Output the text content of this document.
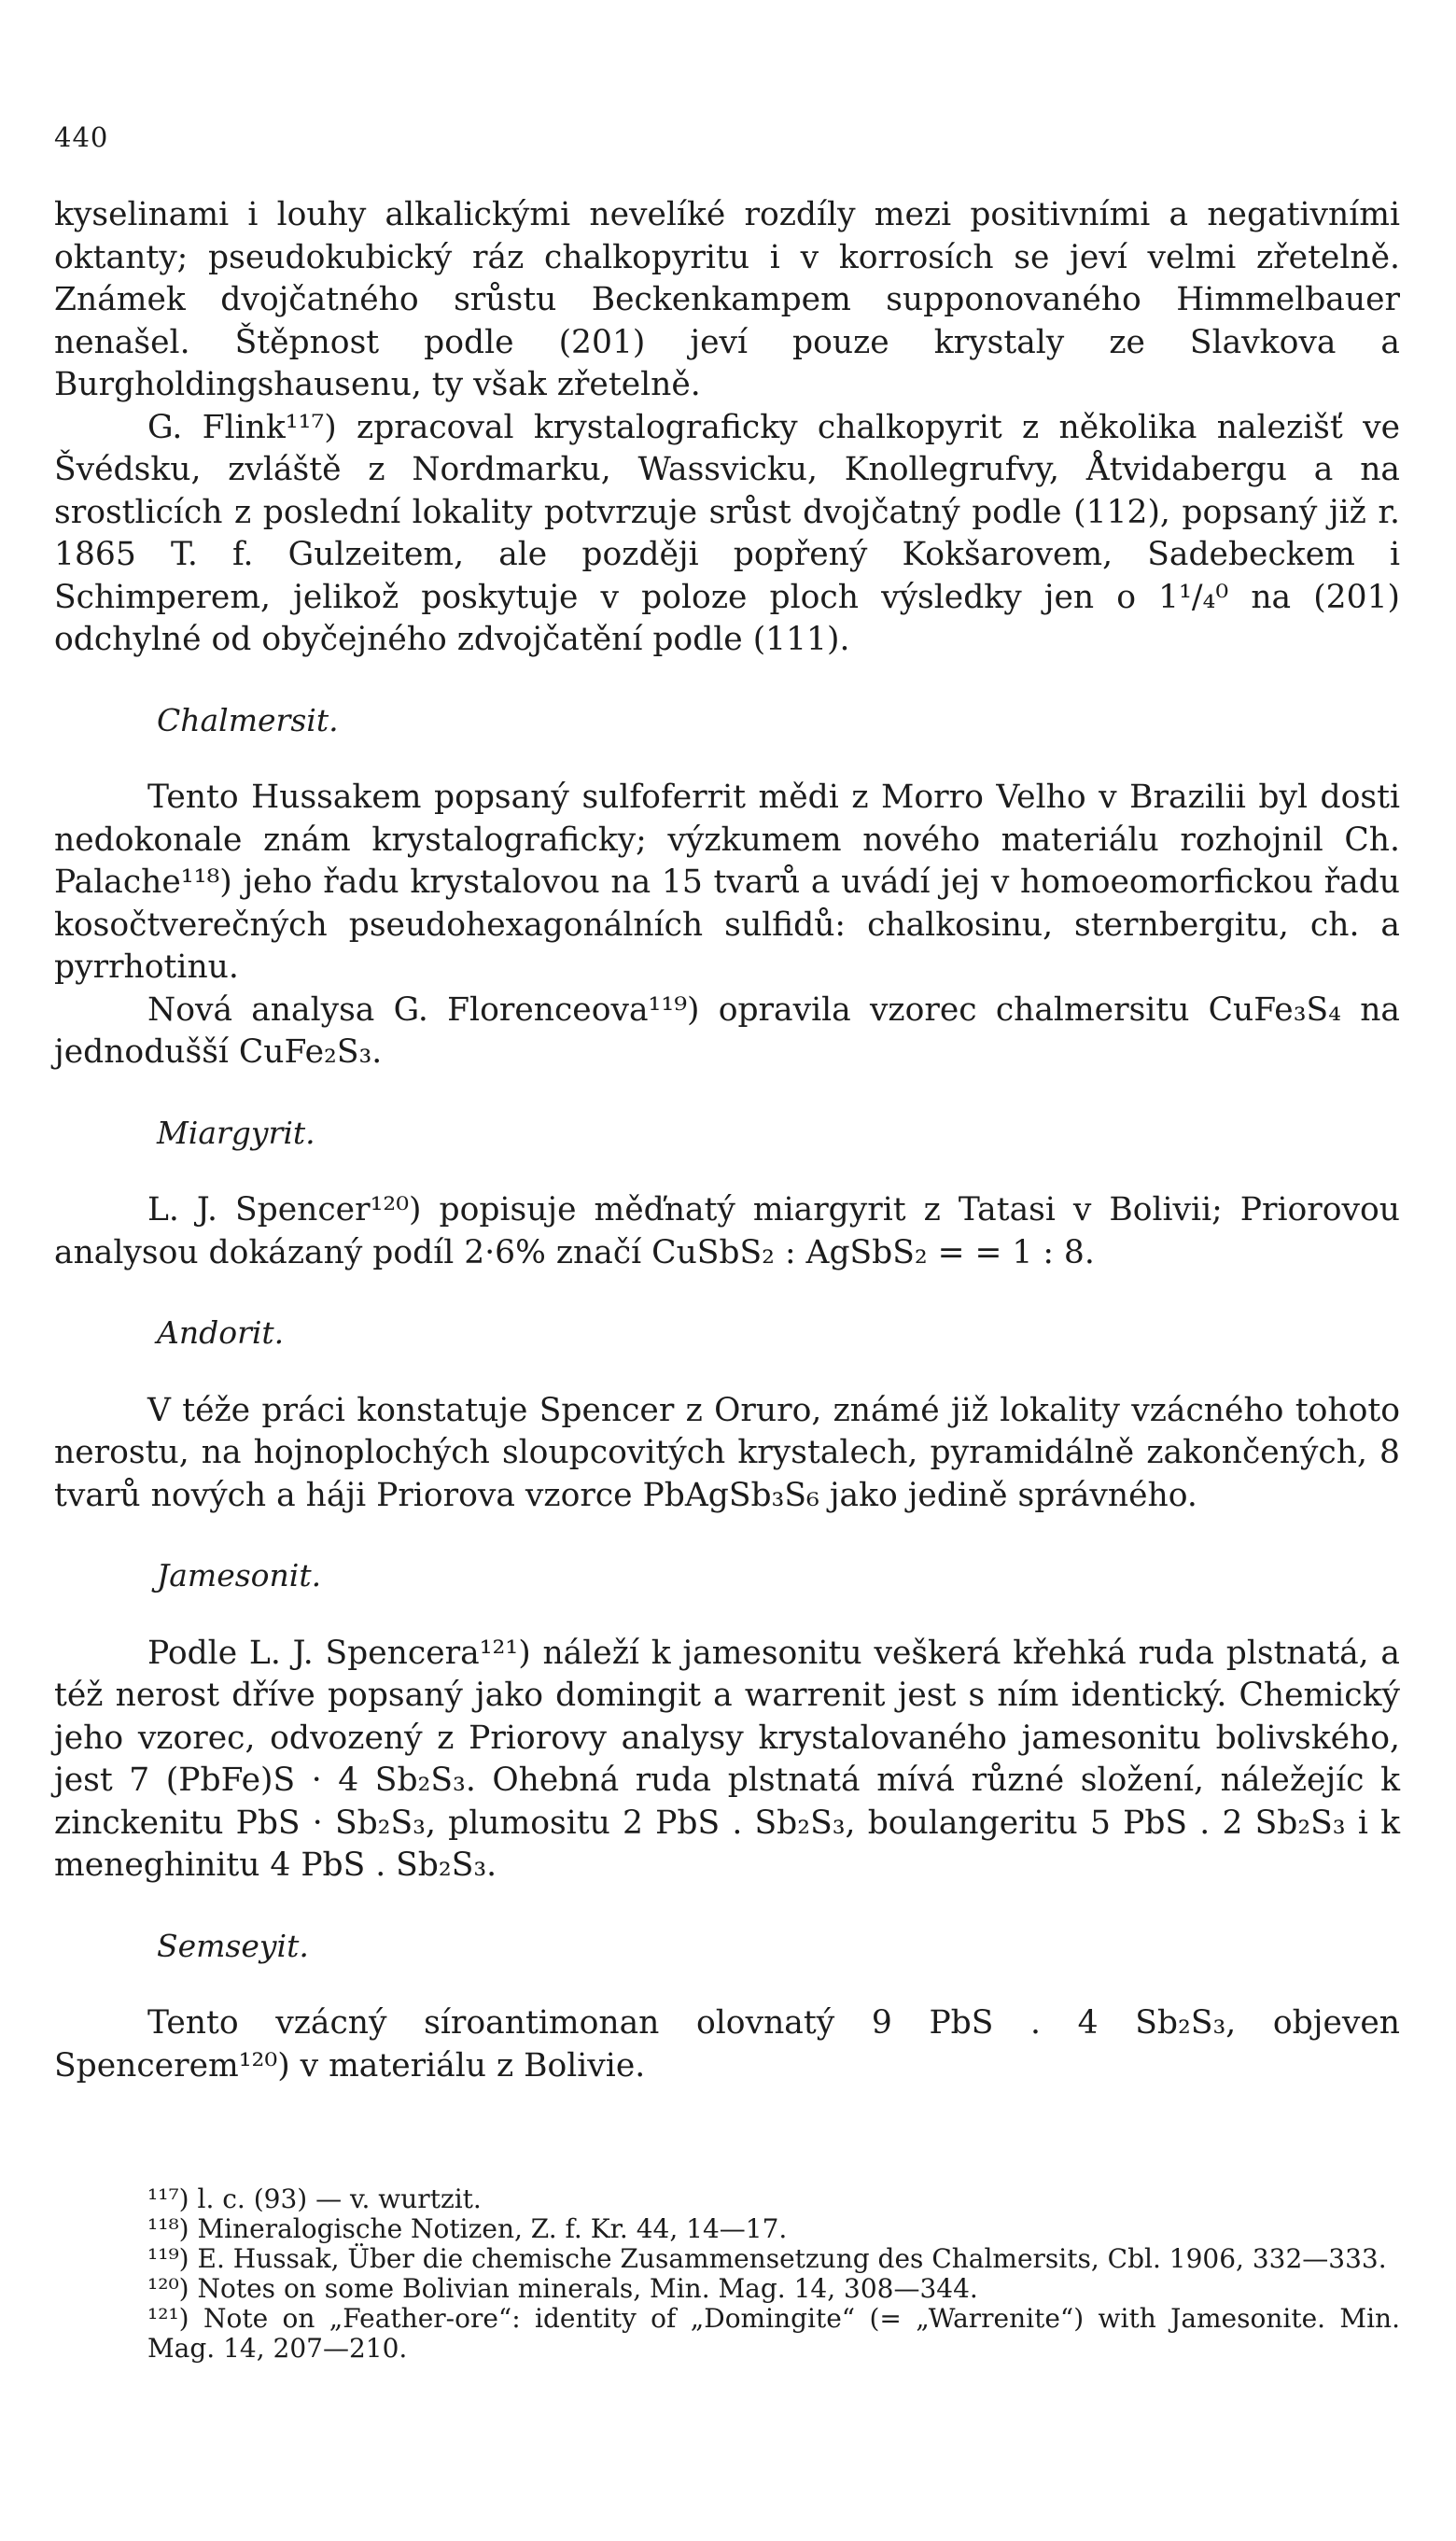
440

kyselinami i louhy alkalickými nevelíké rozdíly mezi positivními a negativními oktanty; pseudokubický ráz chalkopyritu i v korrosích se jeví velmi zřetelně. Známek dvojčatného srůstu Beckenkampem supponovaného Himmelbauer nenašel. Štěpnost podle (201) jeví pouze krystaly ze Slavkova a Burgholdingshausenu, ty však zřetelně.

G. Flink¹¹⁷) zpracoval krystalograficky chalkopyrit z několika nalezišť ve Švédsku, zvláště z Nordmarku, Wassvicku, Knollegrufvy, Åtvidabergu a na srostlicích z poslední lokality potvrzuje srůst dvojčatný podle (112), popsaný již r. 1865 T. f. Gulzeitem, ale později popřený Kokšarovem, Sadebeckem i Schimperem, jelikož poskytuje v poloze ploch výsledky jen o 1¹/₄⁰ na (201) odchylné od obyčejného zdvojčatění podle (111).

Chalmersit.

Tento Hussakem popsaný sulfoferrit mědi z Morro Velho v Brazilii byl dosti nedokonale znám krystalograficky; výzkumem nového materiálu rozhojnil Ch. Palache¹¹⁸) jeho řadu krystalovou na 15 tvarů a uvádí jej v homoeomorfickou řadu kosočtverečných pseudohexagonálních sulfidů: chalkosinu, sternbergitu, ch. a pyrrhotinu.

Nová analysa G. Florenceova¹¹⁹) opravila vzorec chalmersitu CuFe₃S₄ na jednodušší CuFe₂S₃.

Miargyrit.

L. J. Spencer¹²⁰) popisuje měďnatý miargyrit z Tatasi v Bolivii; Priorovou analysou dokázaný podíl 2·6% značí CuSbS₂ : AgSbS₂ = = 1 : 8.

Andorit.

V téže práci konstatuje Spencer z Oruro, známé již lokality vzácného tohoto nerostu, na hojnoplochých sloupcovitých krystalech, pyramidálně zakončených, 8 tvarů nových a háji Priorova vzorce PbAgSb₃S₆ jako jedině správného.

Jamesonit.

Podle L. J. Spencera¹²¹) náleží k jamesonitu veškerá křehká ruda plstnatá, a též nerost dříve popsaný jako domingit a warrenit jest s ním identický. Chemický jeho vzorec, odvozený z Priorovy analysy krystalovaného jamesonitu bolivského, jest 7 (PbFe)S · 4 Sb₂S₃. Ohebná ruda plstnatá mívá různé složení, náležejíc k zinckenitu PbS · Sb₂S₃, plumositu 2 PbS . Sb₂S₃, boulangeritu 5 PbS . 2 Sb₂S₃ i k meneghinitu 4 PbS . Sb₂S₃.

Semseyit.

Tento vzácný síroantimonan olovnatý 9 PbS . 4 Sb₂S₃, objeven Spencerem¹²⁰) v materiálu z Bolivie.

¹¹⁷) l. c. (93) — v. wurtzit.

¹¹⁸) Mineralogische Notizen, Z. f. Kr. 44, 14—17.

¹¹⁹) E. Hussak, Über die chemische Zusammensetzung des Chalmersits, Cbl. 1906, 332—333.

¹²⁰) Notes on some Bolivian minerals, Min. Mag. 14, 308—344.

¹²¹) Note on „Feather-ore“: identity of „Domingite“ (= „Warrenite“) with Jamesonite. Min. Mag. 14, 207—210.
